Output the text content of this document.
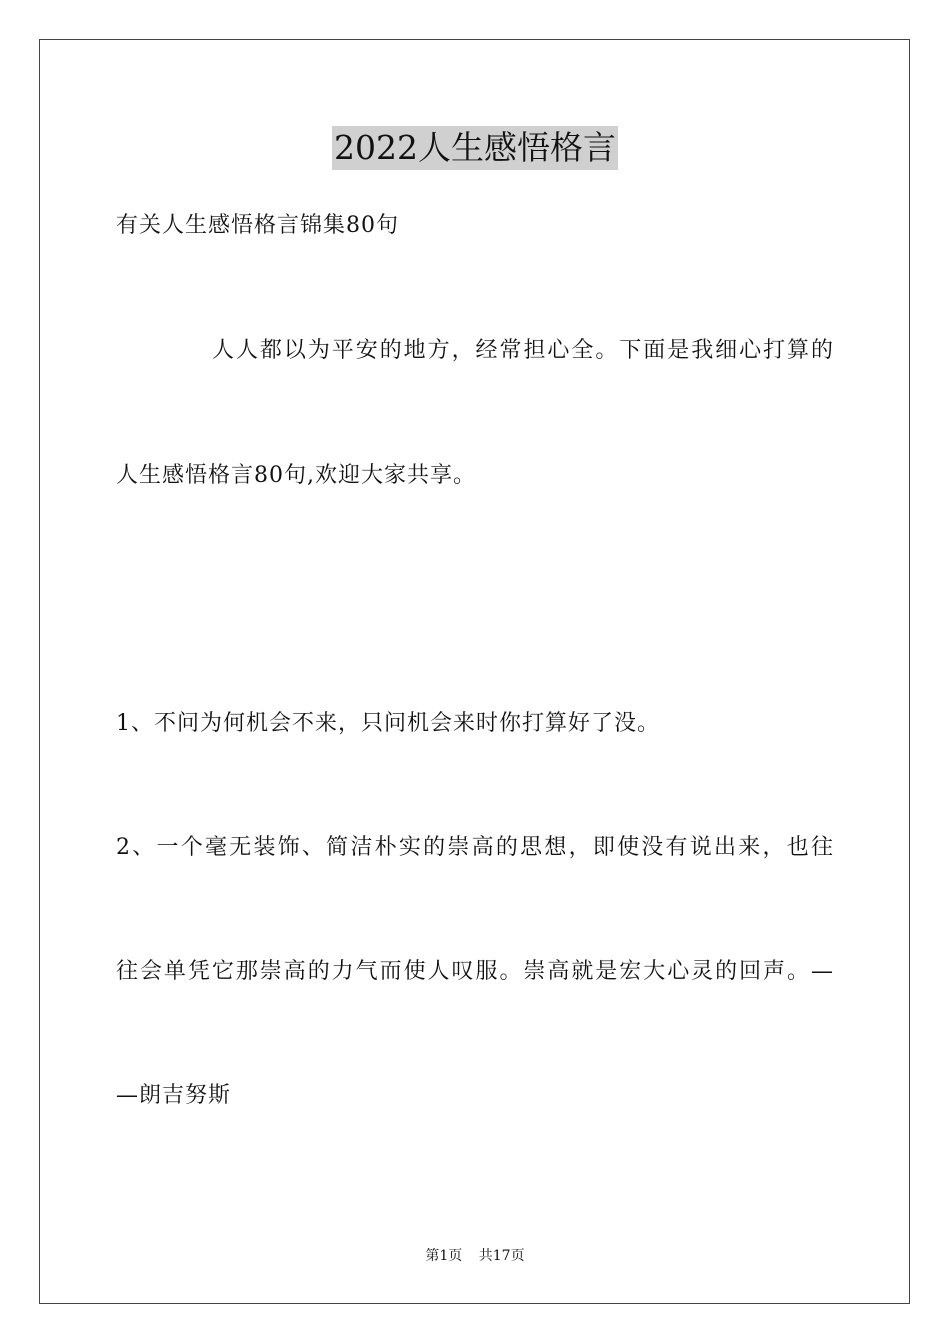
2022人生感悟格言
有关人生感悟格言锦集80句
人人都以为平安的地方，经常担心全。下面是我细心打算的
人生感悟格言80句,欢迎大家共享。
1、不问为何机会不来，只问机会来时你打算好了没。
2、一个毫无装饰、简洁朴实的崇高的思想，即使没有说出来，也往
往会单凭它那崇高的力气而使人叹服。崇高就是宏大心灵的回声。—
—朗吉努斯
第1页 共17页
